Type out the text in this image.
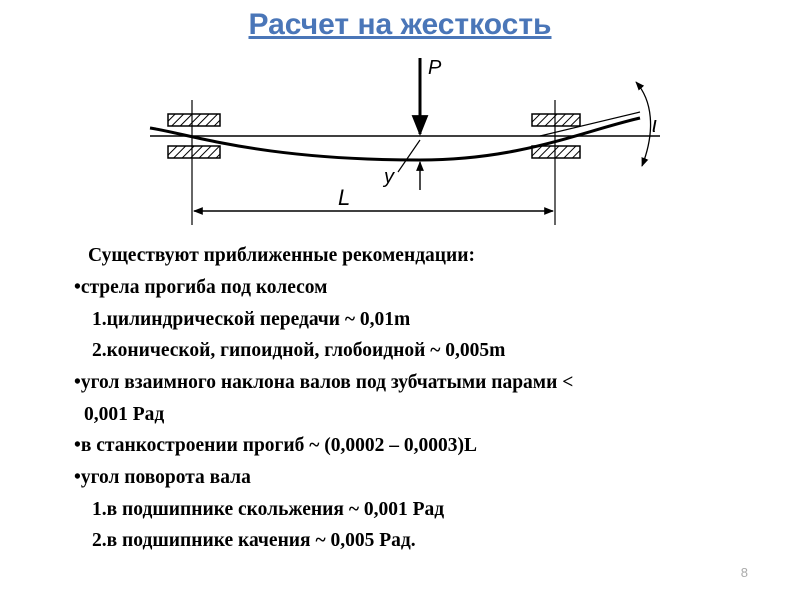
Расчет на жесткость
P
y
L
ι
Существуют приближенные рекомендации:
•стрела прогиба под колесом
1.цилиндрической передачи ~ 0,01m
2.конической, гипоидной, глобоидной ~ 0,005m
•угол взаимного наклона валов под зубчатыми парами <
0,001 Рад
•в станкостроении прогиб ~ (0,0002 – 0,0003)L
•угол поворота вала
1.в подшипнике скольжения ~ 0,001 Рад
2.в подшипнике качения ~ 0,005 Рад.
8
